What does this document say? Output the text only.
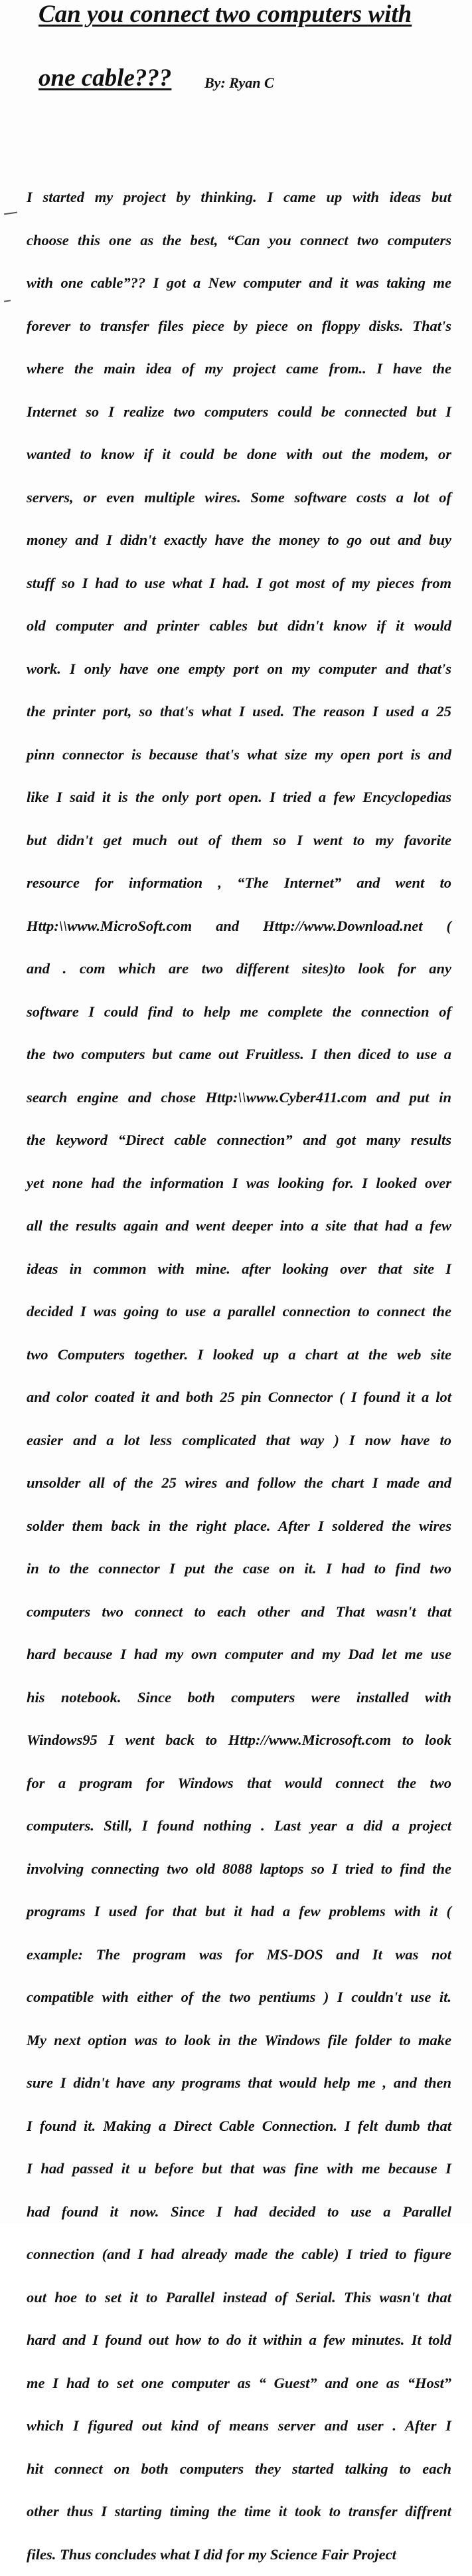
Can you connect two computers with
one cable??? By: Ryan C
I started my project by thinking. I came up with ideas but
choose this one as the best, “Can you connect two computers
with one cable”?? I got a New computer and it was taking me
forever to transfer files piece by piece on floppy disks. That's
where the main idea of my project came from.. I have the
Internet so I realize two computers could be connected but I
wanted to know if it could be done with out the modem, or
servers, or even multiple wires. Some software costs a lot of
money and I didn't exactly have the money to go out and buy
stuff so I had to use what I had. I got most of my pieces from
old computer and printer cables but didn't know if it would
work. I only have one empty port on my computer and that's
the printer port, so that's what I used. The reason I used a 25
pinn connector is because that's what size my open port is and
like I said it is the only port open. I tried a few Encyclopedias
but didn't get much out of them so I went to my favorite
resource for information , “The Internet” and went to
Http:\\www.MicroSoft.com and Http://www.Download.net (
and . com which are two different sites)to look for any
software I could find to help me complete the connection of
the two computers but came out Fruitless. I then diced to use a
search engine and chose Http:\\www.Cyber411.com and put in
the keyword “Direct cable connection” and got many results
yet none had the information I was looking for. I looked over
all the results again and went deeper into a site that had a few
ideas in common with mine. after looking over that site I
decided I was going to use a parallel connection to connect the
two Computers together. I looked up a chart at the web site
and color coated it and both 25 pin Connector ( I found it a lot
easier and a lot less complicated that way ) I now have to
unsolder all of the 25 wires and follow the chart I made and
solder them back in the right place. After I soldered the wires
in to the connector I put the case on it. I had to find two
computers two connect to each other and That wasn't that
hard because I had my own computer and my Dad let me use
his notebook. Since both computers were installed with
Windows95 I went back to Http://www.Microsoft.com to look
for a program for Windows that would connect the two
computers. Still, I found nothing . Last year a did a project
involving connecting two old 8088 laptops so I tried to find the
programs I used for that but it had a few problems with it (
example: The program was for MS-DOS and It was not
compatible with either of the two pentiums ) I couldn't use it.
My next option was to look in the Windows file folder to make
sure I didn't have any programs that would help me , and then
I found it. Making a Direct Cable Connection. I felt dumb that
I had passed it u before but that was fine with me because I
had found it now. Since I had decided to use a Parallel
connection (and I had already made the cable) I tried to figure
out hoe to set it to Parallel instead of Serial. This wasn't that
hard and I found out how to do it within a few minutes. It told
me I had to set one computer as “ Guest” and one as “Host”
which I figured out kind of means server and user . After I
hit connect on both computers they started talking to each
other thus I starting timing the time it took to transfer diffrent
files. Thus concludes what I did for my Science Fair Project
